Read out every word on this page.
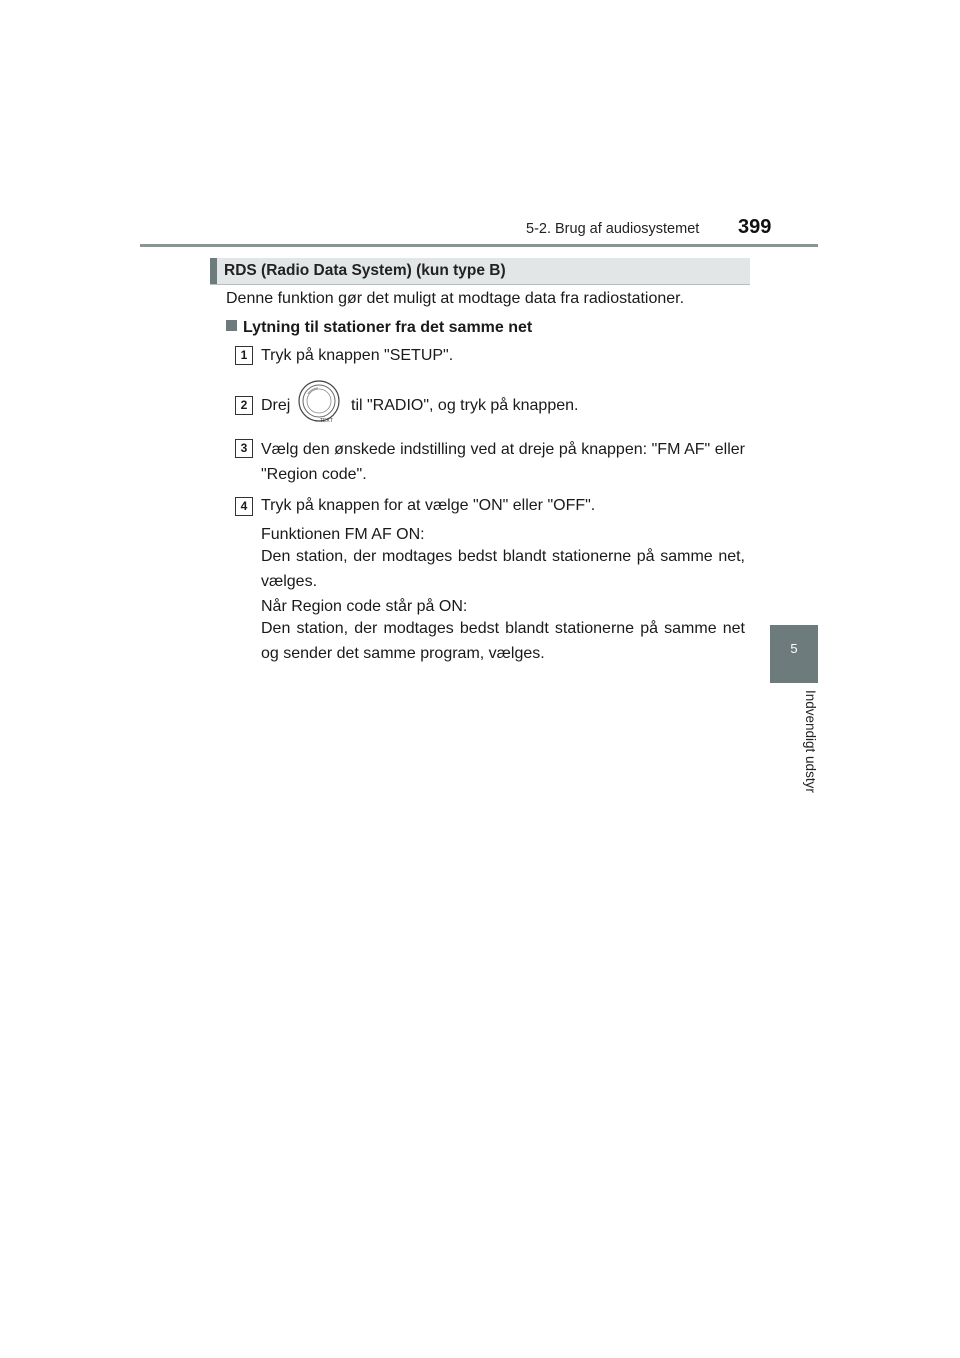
5-2. Brug af audiosystemet 399
5
Indvendigt udstyr
RDS (Radio Data System) (kun type B)
Denne funktion gør det muligt at modtage data fra radiostationer.
Lytning til stationer fra det samme net
1 Tryk på knappen "SETUP".
2 Drej
TEXT
til "RADIO", og tryk på knappen.
3 Vælg den ønskede indstilling ved at dreje på knappen: "FM AF" eller "Region code".
4 Tryk på knappen for at vælge "ON" eller "OFF".
Funktionen FM AF ON:
Den station, der modtages bedst blandt stationerne på samme net, vælges.
Når Region code står på ON:
Den station, der modtages bedst blandt stationerne på samme net og sender det samme program, vælges.
